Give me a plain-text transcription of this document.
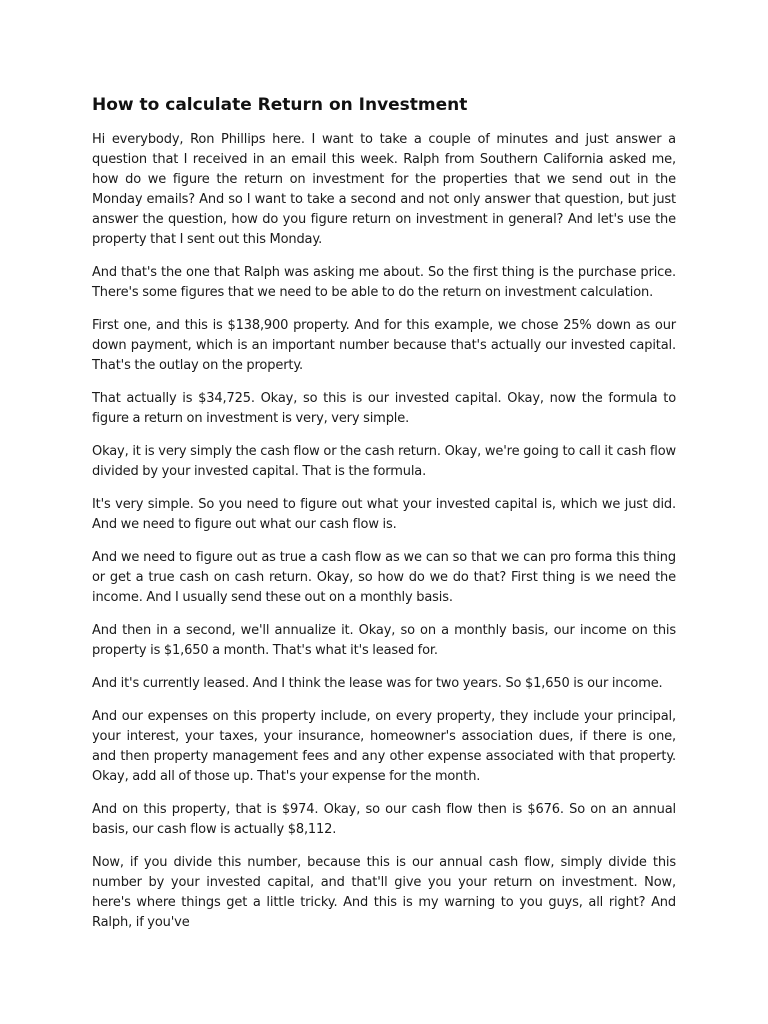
How to calculate Return on Investment

Hi everybody, Ron Phillips here. I want to take a couple of minutes and just answer a question that I received in an email this week. Ralph from Southern California asked me, how do we figure the return on investment for the properties that we send out in the Monday emails? And so I want to take a second and not only answer that question, but just answer the question, how do you figure return on investment in general? And let's use the property that I sent out this Monday.

And that's the one that Ralph was asking me about. So the first thing is the purchase price. There's some figures that we need to be able to do the return on investment calculation.

First one, and this is $138,900 property. And for this example, we chose 25% down as our down payment, which is an important number because that's actually our invested capital. That's the outlay on the property.

That actually is $34,725. Okay, so this is our invested capital. Okay, now the formula to figure a return on investment is very, very simple.

Okay, it is very simply the cash flow or the cash return. Okay, we're going to call it cash flow divided by your invested capital. That is the formula.

It's very simple. So you need to figure out what your invested capital is, which we just did. And we need to figure out what our cash flow is.

And we need to figure out as true a cash flow as we can so that we can pro forma this thing or get a true cash on cash return. Okay, so how do we do that? First thing is we need the income. And I usually send these out on a monthly basis.

And then in a second, we'll annualize it. Okay, so on a monthly basis, our income on this property is $1,650 a month. That's what it's leased for.

And it's currently leased. And I think the lease was for two years. So $1,650 is our income.

And our expenses on this property include, on every property, they include your principal, your interest, your taxes, your insurance, homeowner's association dues, if there is one, and then property management fees and any other expense associated with that property. Okay, add all of those up. That's your expense for the month.

And on this property, that is $974. Okay, so our cash flow then is $676. So on an annual basis, our cash flow is actually $8,112.

Now, if you divide this number, because this is our annual cash flow, simply divide this number by your invested capital, and that'll give you your return on investment. Now, here's where things get a little tricky. And this is my warning to you guys, all right? And Ralph, if you've
